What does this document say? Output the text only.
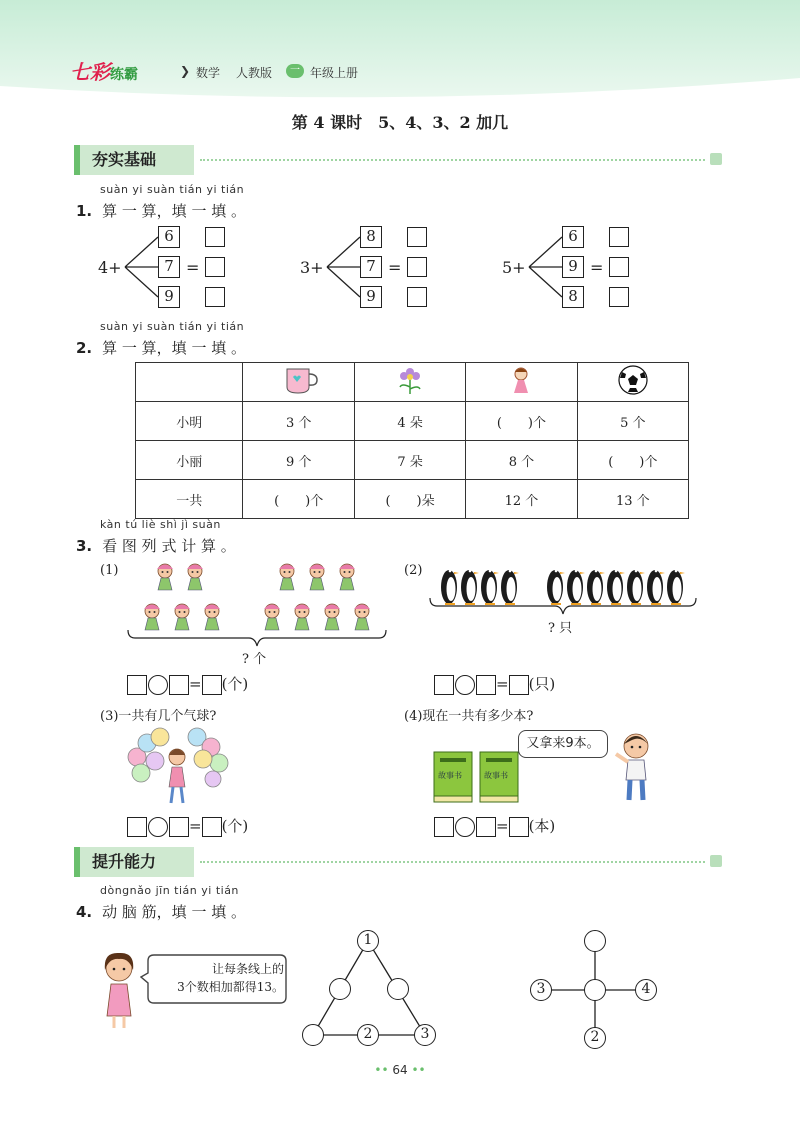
七彩练霸	❯ 数学 人教版	一 年级上册
第 4 课时　5、4、3、2 加几
夯实基础
suàn yi suàn tián yi tián
1. 算 一 算，填 一 填 。
4+
6
7
9
=	3+
8
7
9
=	5+
6
9
8
=
suàn yi suàn tián yi tián
2. 算 一 算，填 一 填 。

小明	3 个	4 朵	(　　)个	5 个
小丽	9 个	7 朵	8 个	(　　)个
一共	(　　)个	(　　)朵	12 个	13 个
kàn tú liè shì jì suàn
3. 看 图 列 式 计 算 。
(1)
? 个
= (个)
(2)
? 只
= (只)
(3)一共有几个气球?
= (个)
(4)现在一共有多少本?
故事书	故事书
又拿来9本。
= (本)
提升能力
dòngnǎo jīn tián yi tián
4. 动 脑 筋，填 一 填 。
让每条线上的
3个数相加都得13。
1
2	3
3	4
2
•• 64 ••
